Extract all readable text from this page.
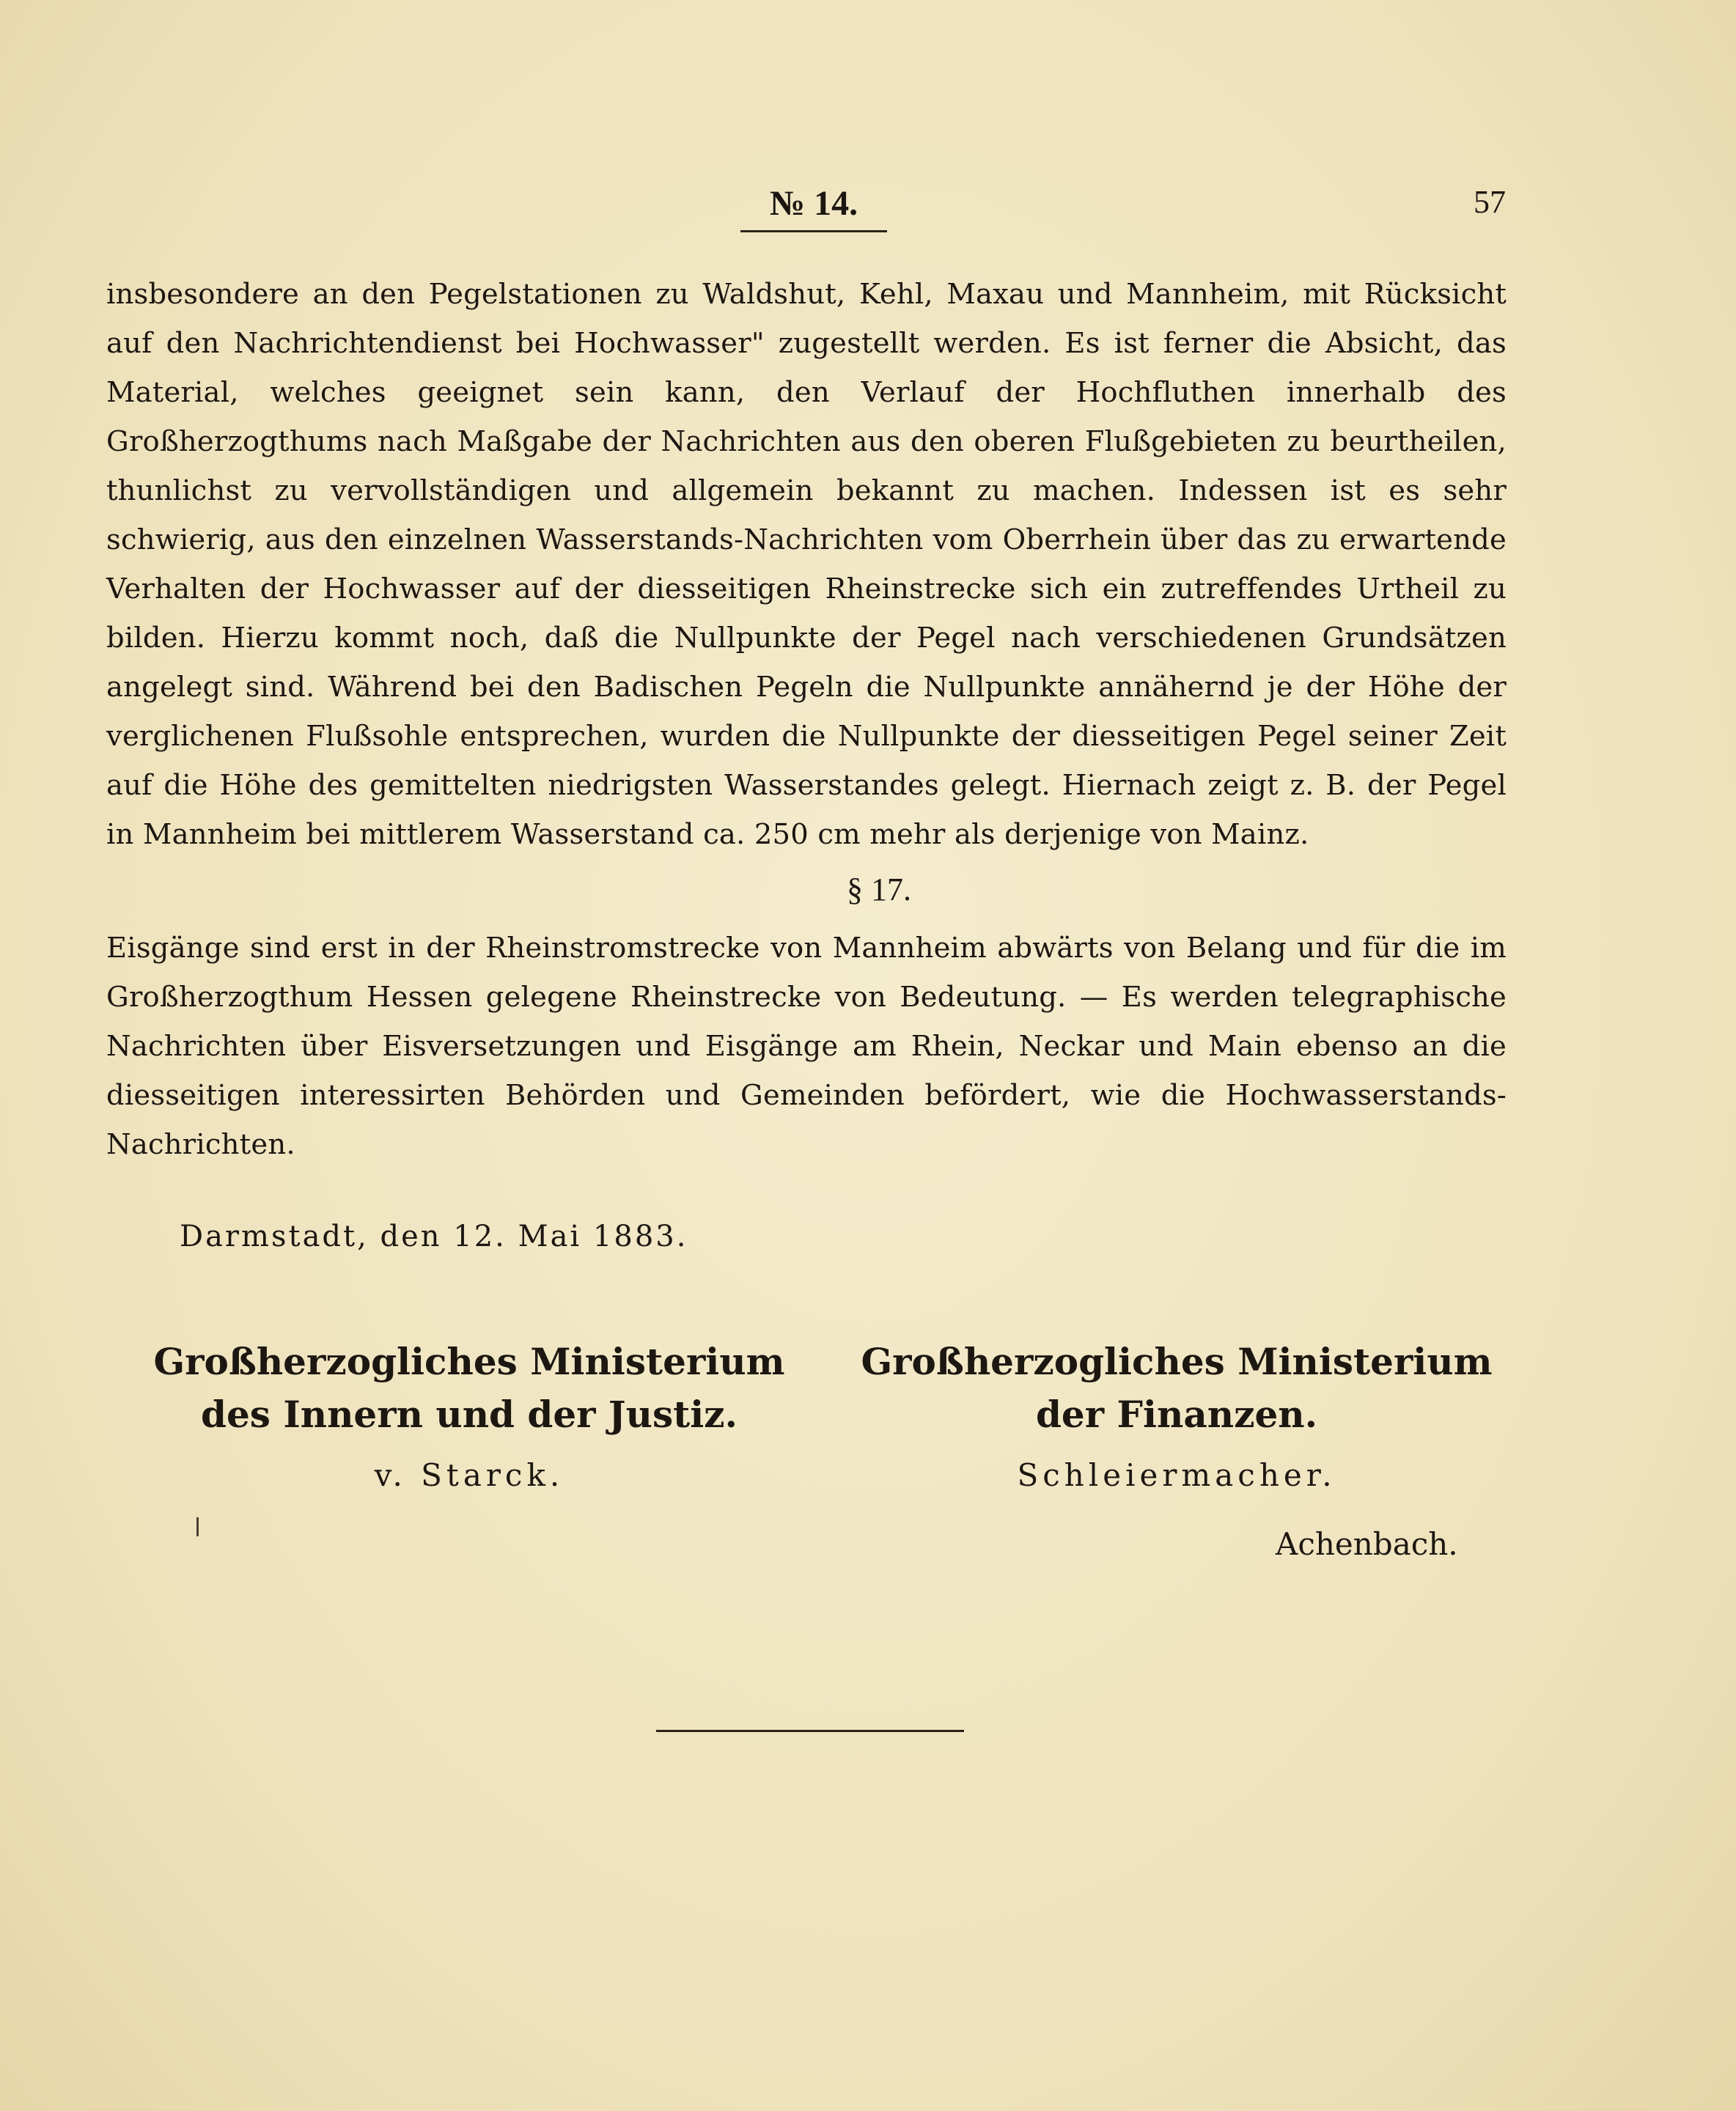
№ 14.	57

insbesondere an den Pegelstationen zu Waldshut, Kehl, Maxau und Mannheim, mit Rücksicht auf den Nachrichtendienst bei Hochwasser" zugestellt werden. Es ist ferner die Absicht, das Material, welches geeignet sein kann, den Verlauf der Hochfluthen innerhalb des Großherzogthums nach Maßgabe der Nachrichten aus den oberen Flußgebieten zu beurtheilen, thunlichst zu vervollständigen und allgemein bekannt zu machen. Indessen ist es sehr schwierig, aus den einzelnen Wasserstands-Nachrichten vom Oberrhein über das zu erwartende Verhalten der Hochwasser auf der diesseitigen Rheinstrecke sich ein zutreffendes Urtheil zu bilden. Hierzu kommt noch, daß die Nullpunkte der Pegel nach verschiedenen Grundsätzen angelegt sind. Während bei den Badischen Pegeln die Nullpunkte annähernd je der Höhe der verglichenen Flußsohle entsprechen, wurden die Nullpunkte der diesseitigen Pegel seiner Zeit auf die Höhe des gemittelten niedrigsten Wasserstandes gelegt. Hiernach zeigt z. B. der Pegel in Mannheim bei mittlerem Wasserstand ca. 250 cm mehr als derjenige von Mainz.

§ 17.

Eisgänge sind erst in der Rheinstromstrecke von Mannheim abwärts von Belang und für die im Großherzogthum Hessen gelegene Rheinstrecke von Bedeutung. — Es werden telegraphische Nachrichten über Eisversetzungen und Eisgänge am Rhein, Neckar und Main ebenso an die diesseitigen interessirten Behörden und Gemeinden befördert, wie die Hochwasserstands-Nachrichten.

Darmstadt, den 12. Mai 1883.
Großherzogliches Ministerium
des Innern und der Justiz.
v. Starck.
Großherzogliches Ministerium
der Finanzen.
Schleiermacher.
Achenbach.
